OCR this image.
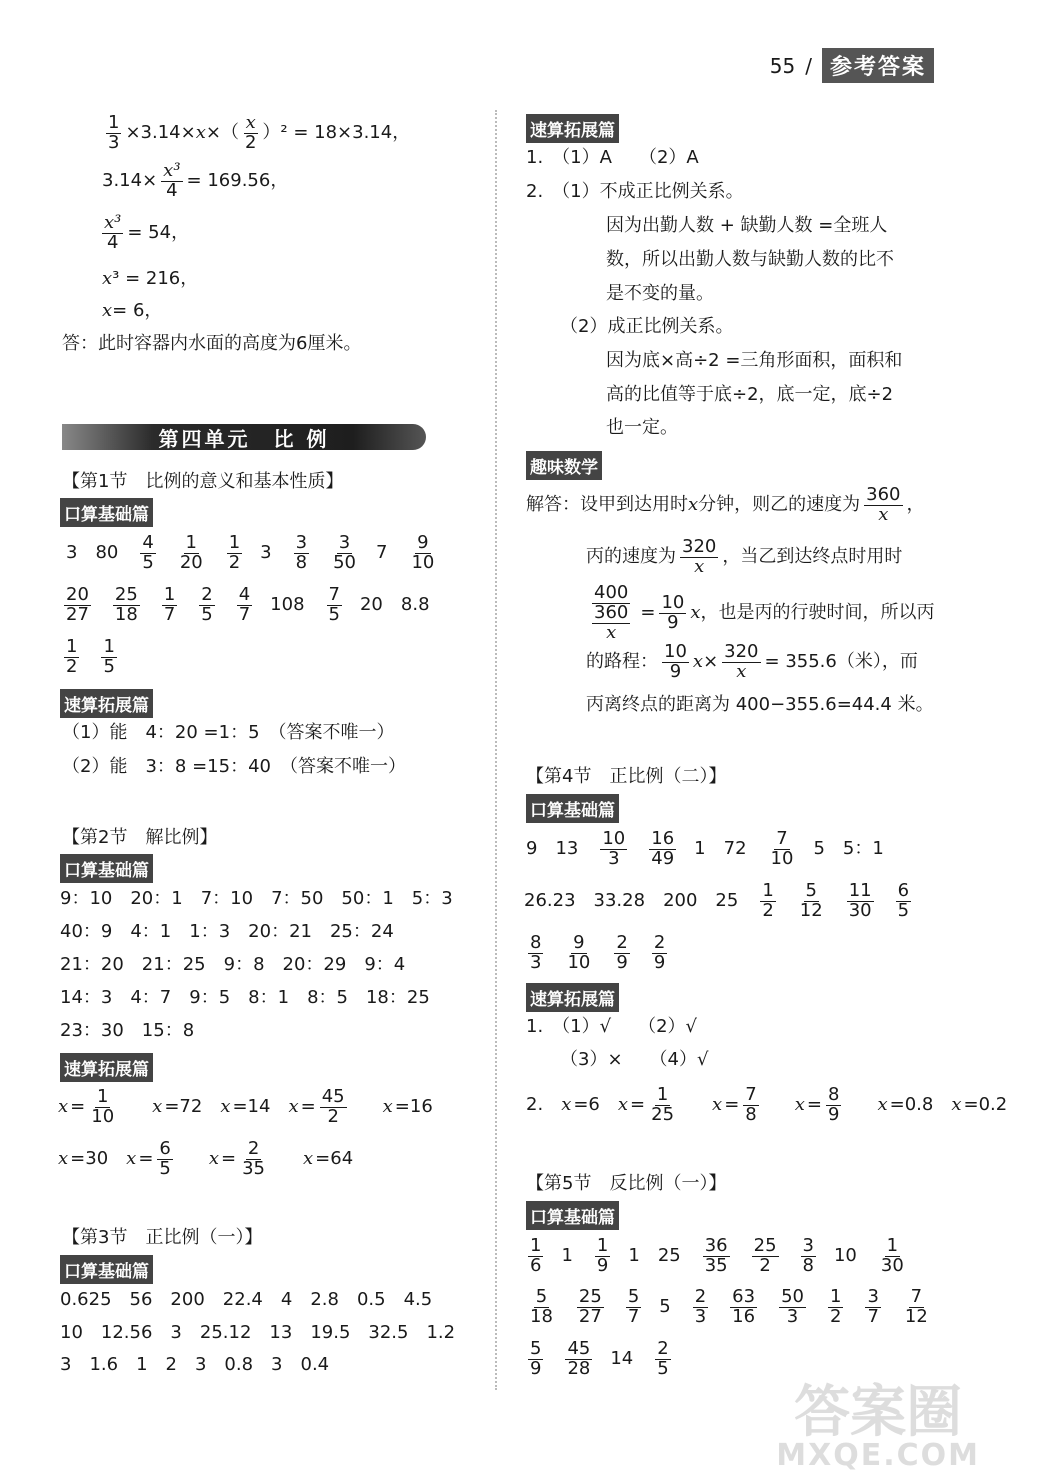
55 / 参考答案
$\frac{1}{3} \times 3.14\times x$ ×（ $\frac{x}{2} )^2 = 18\times 3.14$，
$3.14\times \frac{\text{x³}}{4} = 169.56$，
$\frac{\text{x³}}{4} = 54$，
x ³ = 216，
x = 6，
答：此时容器内水面的高度为6厘米。
第四单元　比 例
【第1节　比例的意义和基本性质】
口算基础篇
3 $80 \frac{4}{5} \frac{1}{20} \frac{1}{2} 3 \frac{3}{8} \frac{3}{50} 7 \frac{9}{10}$
$\frac{20}{27} \frac{25}{18} \frac{1}{7} \frac{2}{5} \frac{4}{7} 108 \frac{7}{5} 20$ 8.8
$\frac{1}{2} \frac{1}{5}$
速算拓展篇
（1）能　4：20 =1：5　（答案不唯一）
（2）能　3：8 =15：40　（答案不唯一）
【第2节　解比例】
口算基础篇
9：10　20：1　7：10　7：50　50：1　5：3
40：9　4：1　1：3　20：21　25：24
21：20　21：25　9：8　20：29　9：4
14：3　4：7　9：5　8：1　8：5　18：25
23：30　15：8
速算拓展篇
$x = \frac{1}{10}$ x =72 x =14 $x = \frac{45}{2}$ x =16
x =30 $x = \frac{6}{5}$ $x = \frac{2}{35}$ x =64
【第3节　正比例（一）】
口算基础篇
0.625　56　200　22.4　4　2.8　0.5　4.5
10　12.56　3　25.12　13　19.5　32.5　1.2
3　1.6　1　2　3　0.8　3　0.4
速算拓展篇
1.　（1）A　　（2）A
2.　（1）不成正比例关系。
因为出勤人数 + 缺勤人数 =全班人
数，所以出勤人数与缺勤人数的比不
是不变的量。
（2）成正比例关系。
因为底×高÷2 =三角形面积，面积和
高的比值等于底÷2，底一定，底÷2
也一定。
趣味数学
解答：设甲到达用时 x 分钟，则乙的速度为 $\frac{360}{x}$ ，
丙的速度为 $\frac{320}{x}$ ，当乙到达终点时用时
$\frac{400}{\frac{360}{x}} = \frac{10}{9}$ x ，也是丙的行驶时间，所以丙
的路程： $\frac{10}{9}$ $x \times \frac{320}{x} = 355.6$（米），而
丙离终点的距离为 400−355.6=44.4 米。
【第4节　正比例（二）】
口算基础篇
9 $13 \frac{10}{3} \frac{16}{49} 1$ $72 \frac{7}{10} 5$ 5：1
26.23 33.28 200 $25 \frac{1}{2} \frac{5}{12} \frac{11}{30} \frac{6}{5}$
$\frac{8}{3} \frac{9}{10} \frac{2}{9} \frac{2}{9}$
速算拓展篇
1.　（1）√　　（2）√
（3）×　　（4）√
2. x =6 $x = \frac{1}{25}$ $x = \frac{7}{8}$ $x = \frac{8}{9}$ x =0.8 x =0.2
【第5节　反比例（一）】
口算基础篇
$\frac{1}{6} 1 \frac{1}{9} 1$ $25 \frac{36}{35} \frac{25}{2} \frac{3}{8} 10 \frac{1}{30}$
$\frac{5}{18} \frac{25}{27} \frac{5}{7} 5 \frac{2}{3} \frac{63}{16} \frac{50}{3} \frac{1}{2} \frac{3}{7} \frac{7}{12}$
$\frac{5}{9} \frac{45}{28} 14 \frac{2}{5}$
答案圈
MXQE.COM
